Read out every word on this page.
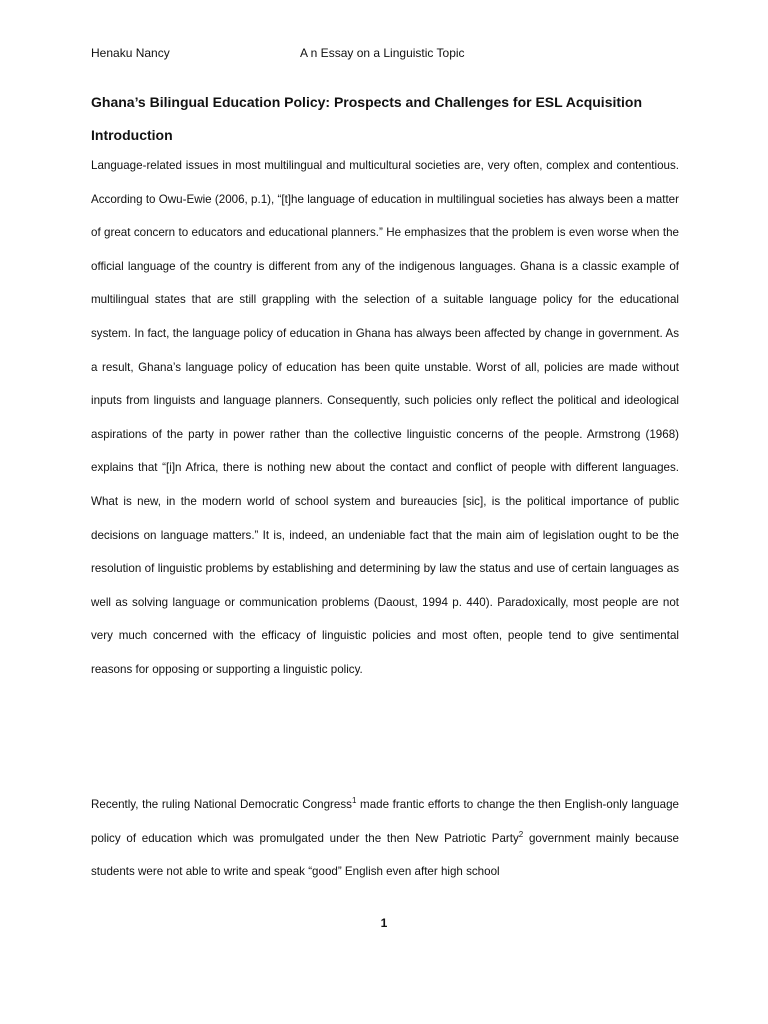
Henaku Nancy	A n Essay on a Linguistic Topic
Ghana’s Bilingual Education Policy: Prospects and Challenges for ESL Acquisition
Introduction

Language-related issues in most multilingual and multicultural societies are, very often, complex and contentious. According to Owu-Ewie (2006, p.1), “[t]he language of education in multilingual societies has always been a matter of great concern to educators and educational planners.” He emphasizes that the problem is even worse when the official language of the country is different from any of the indigenous languages. Ghana is a classic example of multilingual states that are still grappling with the selection of a suitable language policy for the educational system. In fact, the language policy of education in Ghana has always been affected by change in government. As a result, Ghana’s language policy of education has been quite unstable. Worst of all, policies are made without inputs from linguists and language planners. Consequently, such policies only reflect the political and ideological aspirations of the party in power rather than the collective linguistic concerns of the people. Armstrong (1968) explains that “[i]n Africa, there is nothing new about the contact and conflict of people with different languages. What is new, in the modern world of school system and bureaucies [sic], is the political importance of public decisions on language matters.” It is, indeed, an undeniable fact that the main aim of legislation ought to be the resolution of linguistic problems by establishing and determining by law the status and use of certain languages as well as solving language or communication problems (Daoust, 1994 p. 440). Paradoxically, most people are not very much concerned with the efficacy of linguistic policies and most often, people tend to give sentimental reasons for opposing or supporting a linguistic policy.

Recently, the ruling National Democratic Congress$^1$ made frantic efforts to change the then English-only language policy of education which was promulgated under the then New Patriotic Party$^2$ government mainly because students were not able to write and speak “good” English even after high school

1
